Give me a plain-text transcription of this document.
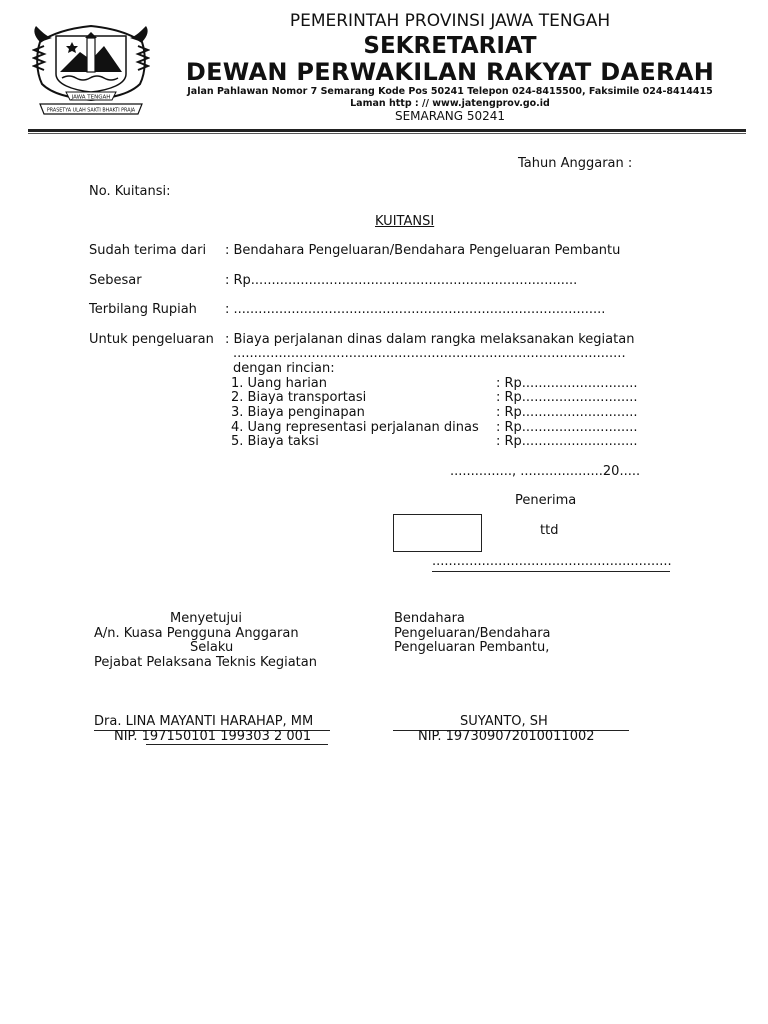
JAWA TENGAH
PRASETYA ULAH SAKTI BHAKTI PRAJA
PEMERINTAH PROVINSI JAWA TENGAH
SEKRETARIAT
DEWAN PERWAKILAN RAKYAT DAERAH
Jalan Pahlawan Nomor 7 Semarang Kode Pos 50241 Telepon 024-8415500, Faksimile 024-8414415
Laman http : // www.jatengprov.go.id
SEMARANG 50241
Tahun Anggaran :
No. Kuitansi:
KUITANSI
Sudah terima dari : Bendahara Pengeluaran/Bendahara Pengeluaran Pembantu
Sebesar	: Rp...............................................................................
Terbilang Rupiah : ..........................................................................................
Untuk pengeluaran : Biaya perjalanan dinas dalam rangka melaksanakan kegiatan
...............................................................................................
dengan rincian:
1. Uang harian	: Rp............................
2. Biaya transportasi	: Rp............................
3. Biaya penginapan	: Rp............................
4. Uang representasi perjalanan dinas : Rp............................
5. Biaya taksi	: Rp............................
..............., ....................20.....
Penerima
ttd
..........................................................
Menyetujui
A/n. Kuasa Pengguna Anggaran
Selaku
Pejabat Pelaksana Teknis Kegiatan
Dra. LINA MAYANTI HARAHAP, MM
NIP. 197150101 199303 2 001
Bendahara
Pengeluaran/Bendahara
Pengeluaran Pembantu,
SUYANTO, SH
NIP. 197309072010011002
